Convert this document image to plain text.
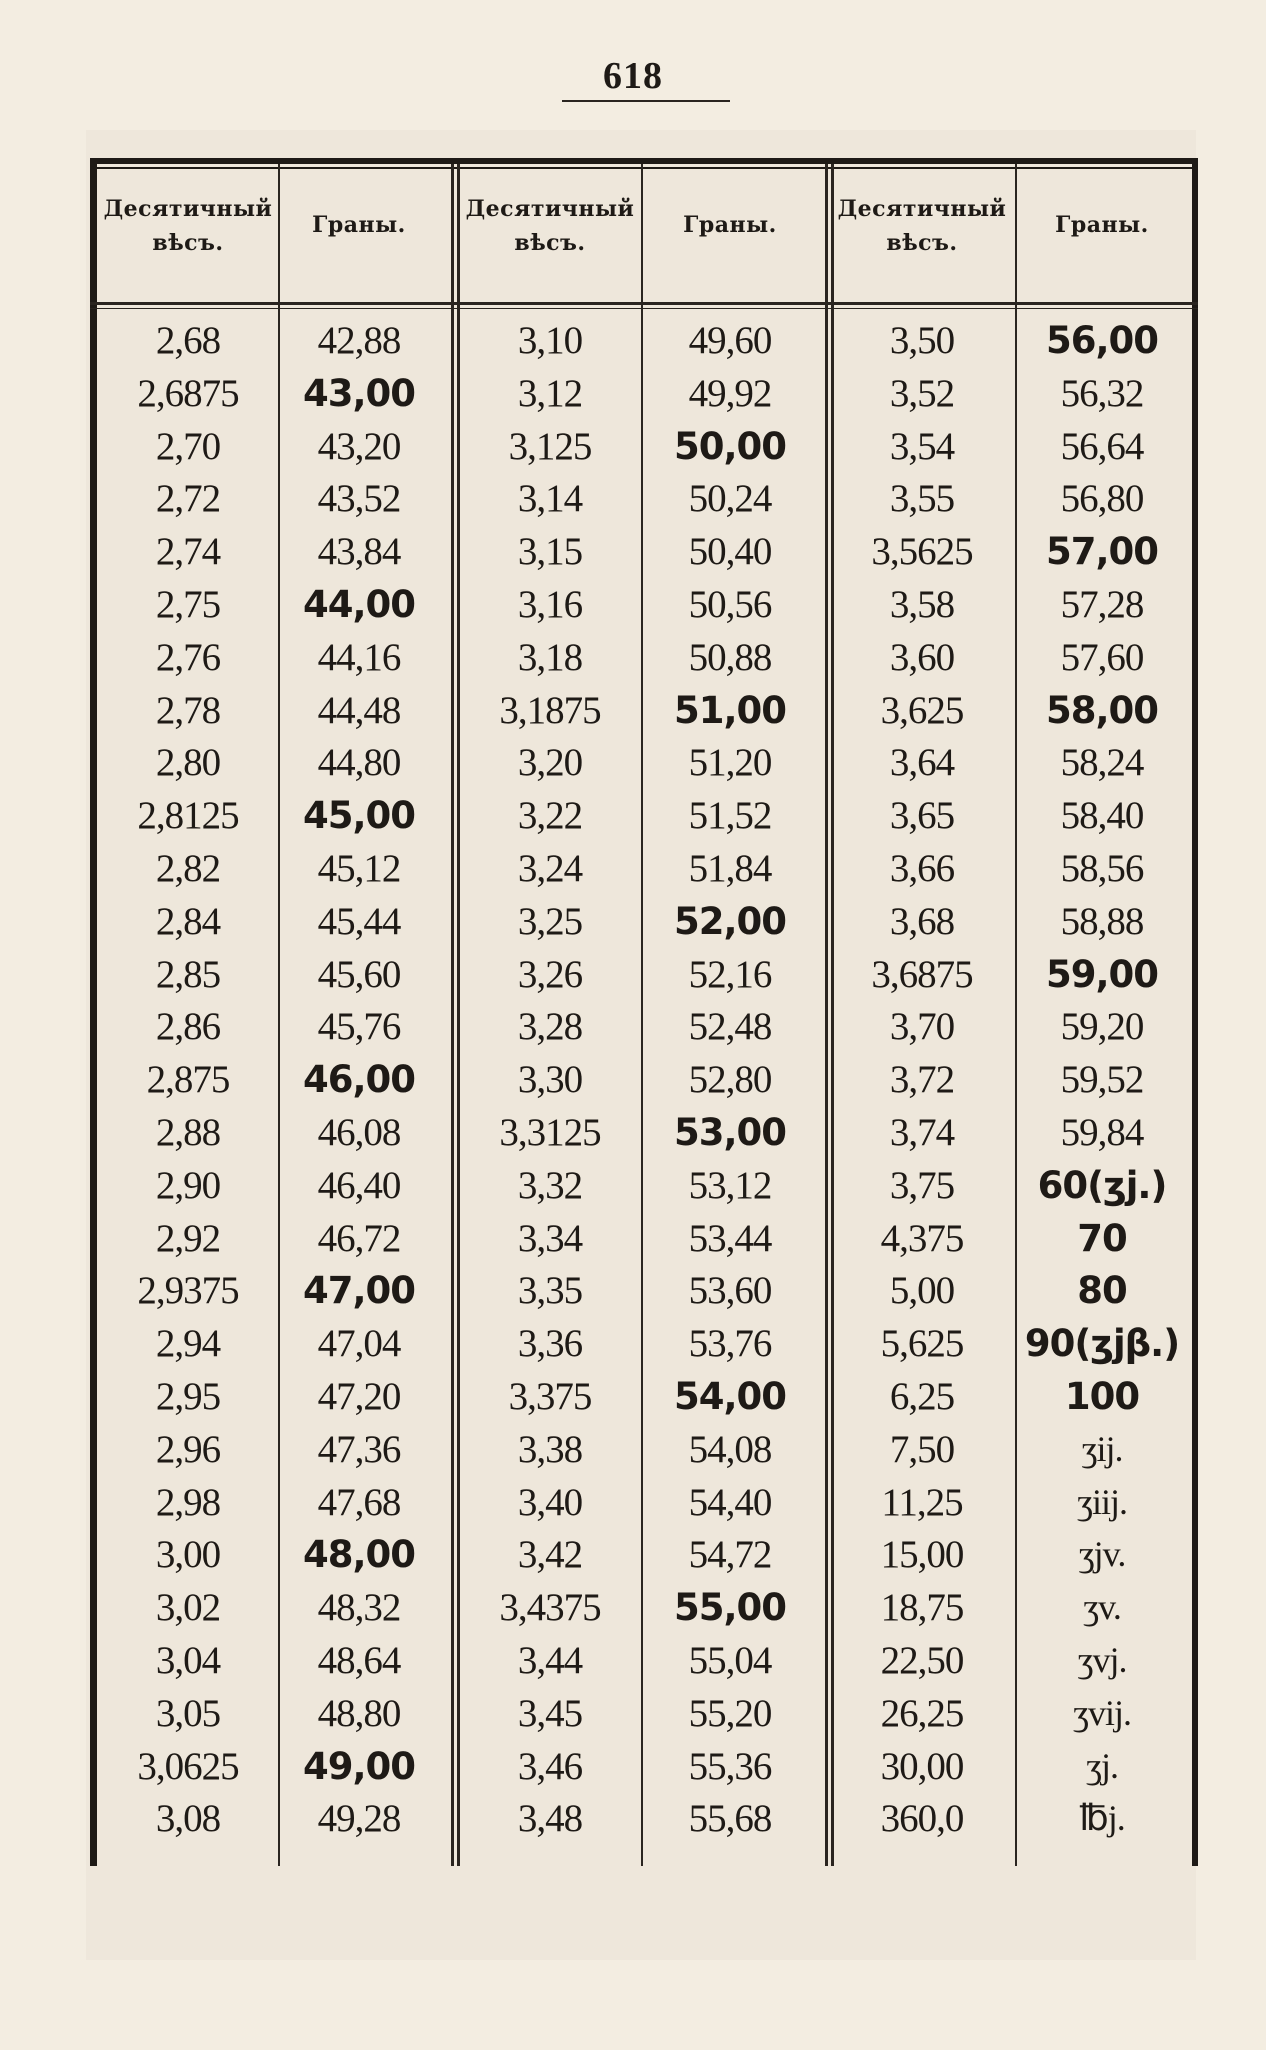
618
Десятичный
вѣсъ.
Граны.
2,68	42,88
2,6875	43,00
2,70	43,20
2,72	43,52
2,74	43,84
2,75	44,00
2,76	44,16
2,78	44,48
2,80	44,80
2,8125	45,00
2,82	45,12
2,84	45,44
2,85	45,60
2,86	45,76
2,875	46,00
2,88	46,08
2,90	46,40
2,92	46,72
2,9375	47,00
2,94	47,04
2,95	47,20
2,96	47,36
2,98	47,68
3,00	48,00
3,02	48,32
3,04	48,64
3,05	48,80
3,0625	49,00
3,08	49,28
Десятичный
вѣсъ.
Граны.
3,10	49,60
3,12	49,92
3,125	50,00
3,14	50,24
3,15	50,40
3,16	50,56
3,18	50,88
3,1875	51,00
3,20	51,20
3,22	51,52
3,24	51,84
3,25	52,00
3,26	52,16
3,28	52,48
3,30	52,80
3,3125	53,00
3,32	53,12
3,34	53,44
3,35	53,60
3,36	53,76
3,375	54,00
3,38	54,08
3,40	54,40
3,42	54,72
3,4375	55,00
3,44	55,04
3,45	55,20
3,46	55,36
3,48	55,68
Десятичный
вѣсъ.
Граны.
3,50	56,00
3,52	56,32
3,54	56,64
3,55	56,80
3,5625	57,00
3,58	57,28
3,60	57,60
3,625	58,00
3,64	58,24
3,65	58,40
3,66	58,56
3,68	58,88
3,6875	59,00
3,70	59,20
3,72	59,52
3,74	59,84
3,75	60(ʒj.)
4,375	70
5,00	80
5,625	90(ʒjβ.)
6,25	100
7,50	ʒij.
11,25	ʒiij.
15,00	ʒjv.
18,75	ʒv.
22,50	ʒvj.
26,25	ʒvij.
30,00	ʒj.
360,0	℔j.
